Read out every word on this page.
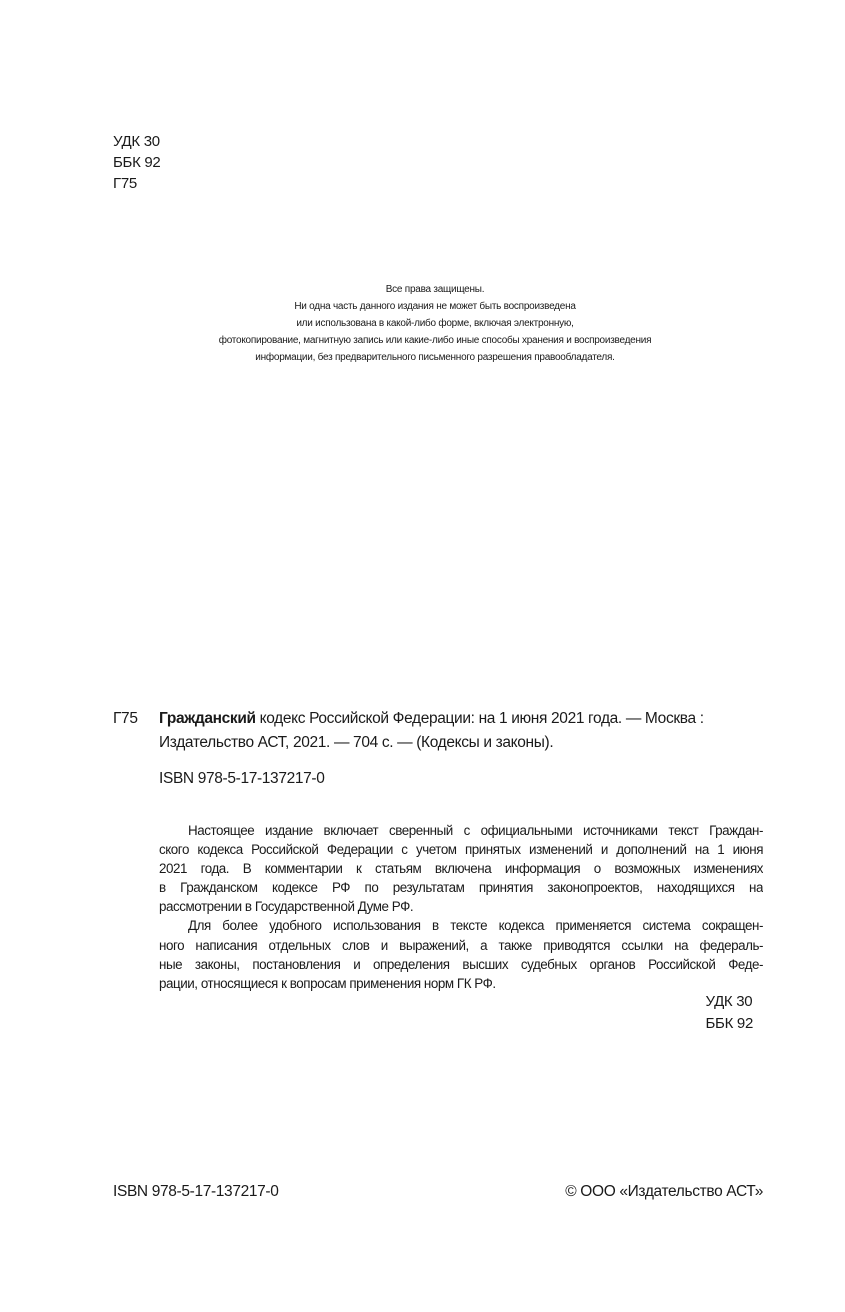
УДК 30
ББК 92
Г75
Все права защищены.
Ни одна часть данного издания не может быть воспроизведена
или использована в какой-либо форме, включая электронную,
фотокопирование, магнитную запись или какие-либо иные способы хранения и воспроизведения
информации, без предварительного письменного разрешения правообладателя.
Г75 Гражданский кодекс Российской Федерации: на 1 июня 2021 года. — Москва :
Издательство АСТ, 2021. — 704 с. — (Кодексы и законы).
ISBN 978-5-17-137217-0
Настоящее издание включает сверенный с официальными источниками текст Граждан-
ского кодекса Российской Федерации с учетом принятых изменений и дополнений на 1 июня
2021 года. В комментарии к статьям включена информация о возможных изменениях
в Гражданском кодексе РФ по результатам принятия законопроектов, находящихся на
рассмотрении в Государственной Думе РФ.
Для более удобного использования в тексте кодекса применяется система сокращен-
ного написания отдельных слов и выражений, а также приводятся ссылки на федераль-
ные законы, постановления и определения высших судебных органов Российской Феде-
рации, относящиеся к вопросам применения норм ГК РФ.
УДК 30
ББК 92
ISBN 978-5-17-137217-0	© ООО «Издательство АСТ»
